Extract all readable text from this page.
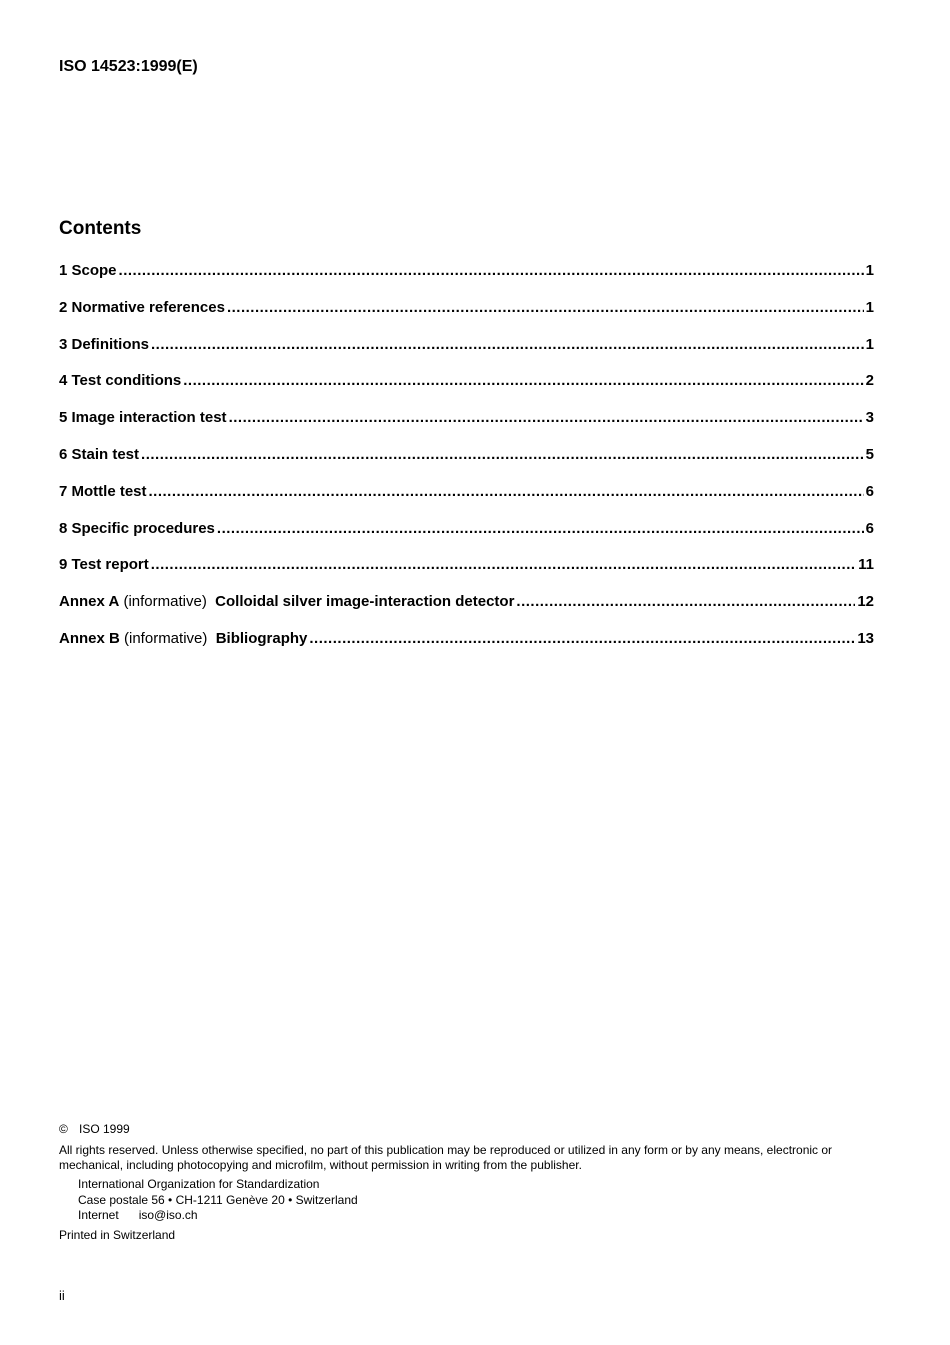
ISO 14523:1999(E)
Contents
1 Scope .....	1
2 Normative references .....	1
3 Definitions .....	1
4 Test conditions .....	2
5 Image interaction test .....	3
6 Stain test .....	5
7 Mottle test .....	6
8 Specific procedures .....	6
9 Test report .....	11
Annex A (informative) Colloidal silver image-interaction detector .....	12
Annex B (informative) Bibliography .....	13
© ISO 1999
All rights reserved. Unless otherwise specified, no part of this publication may be reproduced or utilized in any form or by any means, electronic or mechanical, including photocopying and microfilm, without permission in writing from the publisher.
International Organization for Standardization
Case postale 56 • CH-1211 Genève 20 • Switzerland
Internet iso@iso.ch
Printed in Switzerland
ii
